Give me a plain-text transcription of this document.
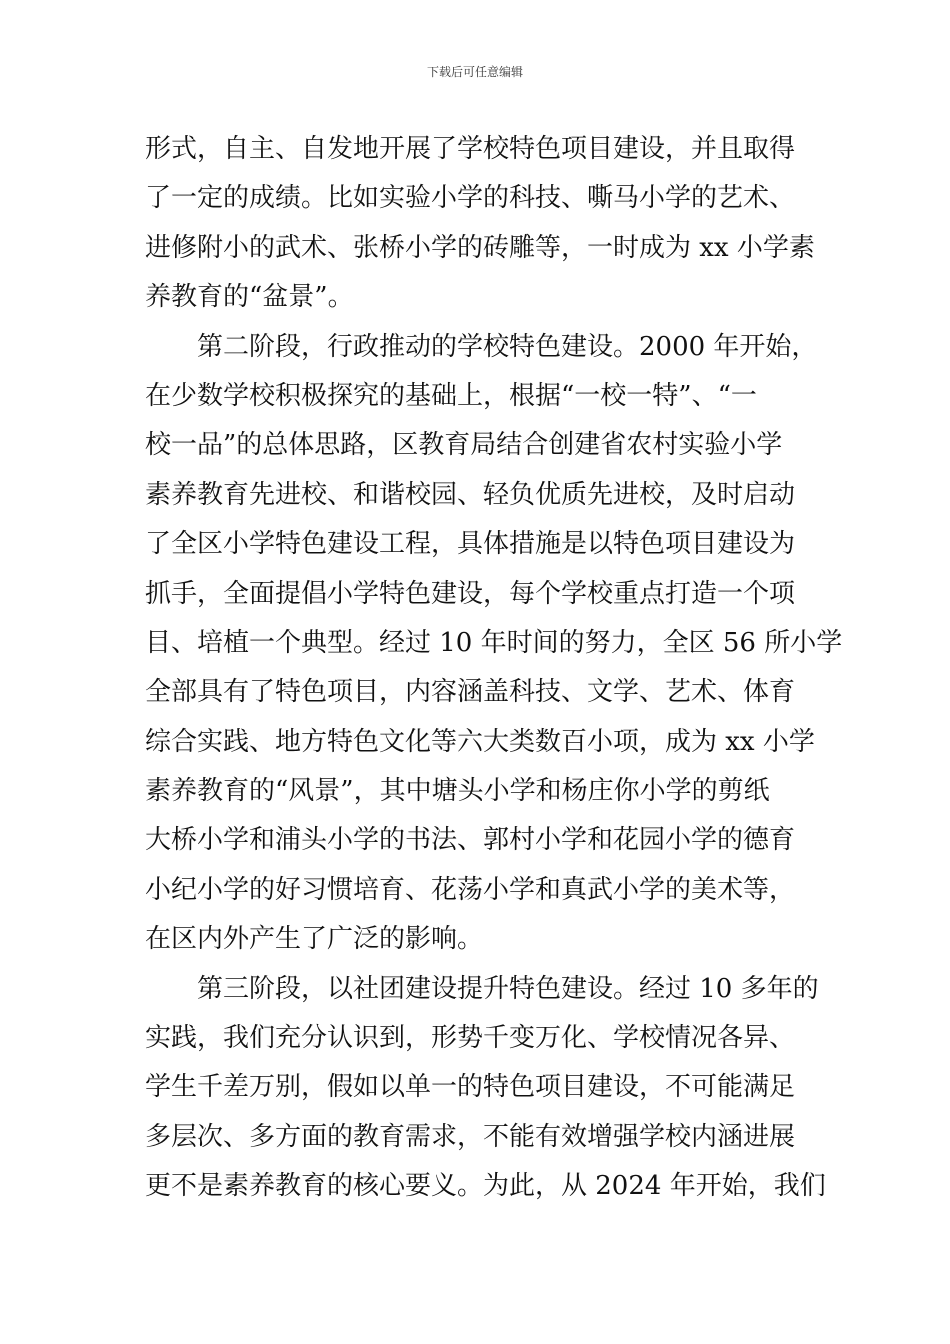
下载后可任意编辑
形式，自主、自发地开展了学校特色项目建设，并且取得
了一定的成绩。比如实验小学的科技、嘶马小学的艺术、
进修附小的武术、张桥小学的砖雕等，一时成为 xx 小学素
养教育的“盆景”。
第二阶段，行政推动的学校特色建设。2000 年开始，
在少数学校积极探究的基础上，根据“一校一特”、“一
校一品”的总体思路，区教育局结合创建省农村实验小学
素养教育先进校、和谐校园、轻负优质先进校，及时启动
了全区小学特色建设工程，具体措施是以特色项目建设为
抓手，全面提倡小学特色建设，每个学校重点打造一个项
目、培植一个典型。经过 10 年时间的努力，全区 56 所小学
全部具有了特色项目，内容涵盖科技、文学、艺术、体育
综合实践、地方特色文化等六大类数百小项，成为 xx 小学
素养教育的“风景”，其中塘头小学和杨庄你小学的剪纸
大桥小学和浦头小学的书法、郭村小学和花园小学的德育
小纪小学的好习惯培育、花荡小学和真武小学的美术等，
在区内外产生了广泛的影响。
第三阶段，以社团建设提升特色建设。经过 10 多年的
实践，我们充分认识到，形势千变万化、学校情况各异、
学生千差万别，假如以单一的特色项目建设，不可能满足
多层次、多方面的教育需求，不能有效增强学校内涵进展
更不是素养教育的核心要义。为此，从 2024 年开始，我们
